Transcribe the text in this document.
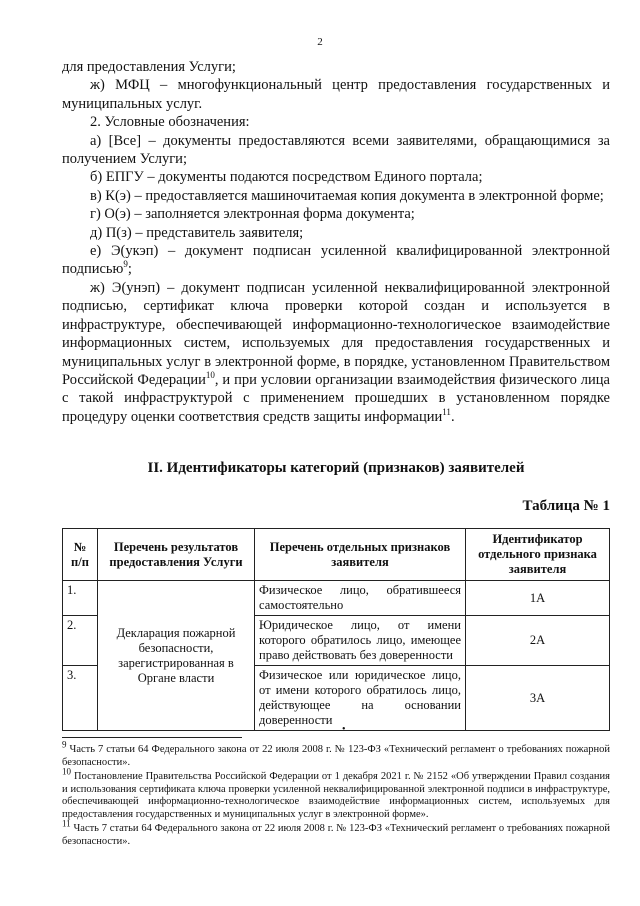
2

для предоставления Услуги;

ж) МФЦ – многофункциональный центр предоставления государственных и муниципальных услуг.

2. Условные обозначения:

а) [Все] – документы предоставляются всеми заявителями, обращающимися за получением Услуги;

б) ЕПГУ – документы подаются посредством Единого портала;

в) К(э) – предоставляется машиночитаемая копия документа в электронной форме;

г) О(э) – заполняется электронная форма документа;

д) П(з) – представитель заявителя;

е) Э(укэп) – документ подписан усиленной квалифицированной электронной подписью$^9$;

ж) Э(унэп) – документ подписан усиленной неквалифицированной электронной подписью, сертификат ключа проверки которой создан и используется в инфраструктуре, обеспечивающей информационно-технологическое взаимодействие информационных систем, используемых для предоставления государственных и муниципальных услуг в электронной форме, в порядке, установленном Правительством Российской Федерации$^{10}$, и при условии организации взаимодействия физического лица с такой инфраструктурой с применением прошедших в установленном порядке процедуру оценки соответствия средств защиты информации$^{11}$.

II. Идентификаторы категорий (признаков) заявителей
Таблица № 1
№ п/п	Перечень результатов предоставления Услуги	Перечень отдельных признаков заявителя	Идентификатор отдельного признака заявителя
1.	Декларация пожарной безопасности, зарегистрированная в Органе власти	Физическое лицо, обратившееся самостоятельно	1А
2.		Юридическое лицо, от имени которого обратилось лицо, имеющее право действовать без доверенности	2А
3.		Физическое или юридическое лицо, от имени которого обратилось лицо, действующее на основании доверенности	3А
•

$^9$ Часть 7 статьи 64 Федерального закона от 22 июля 2008 г. № 123-ФЗ «Технический регламент о требованиях пожарной безопасности».

$^{10}$ Постановление Правительства Российской Федерации от 1 декабря 2021 г. № 2152 «Об утверждении Правил создания и использования сертификата ключа проверки усиленной неквалифицированной электронной подписи в инфраструктуре, обеспечивающей информационно-технологическое взаимодействие информационных систем, используемых для предоставления государственных и муниципальных услуг в электронной форме».

$^{11}$ Часть 7 статьи 64 Федерального закона от 22 июля 2008 г. № 123-ФЗ «Технический регламент о требованиях пожарной безопасности».
